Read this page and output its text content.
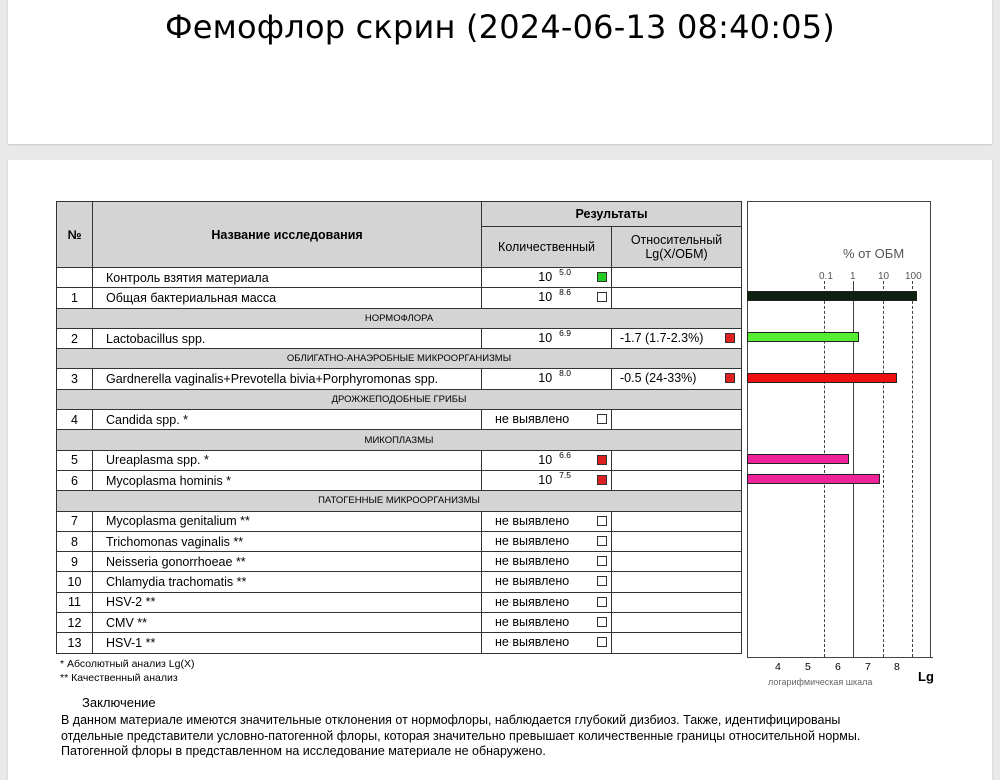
Фемофлор скрин (2024-06-13 08:40:05)
№	Название исследования	Результаты	
		Количественный	Относительный
Lg(X/ОБМ)
	Контроль взятия материала	10 $^{5.0}$

1	Общая бактериальная масса	10 $^{8.6}$

НОРМОФЛОРА			
2	Lactobacillus spp.	10 $^{6.9}$	-1.7 (1.7-2.3%)

ОБЛИГАТНО-АНАЭРОБНЫЕ МИКРООРГАНИЗМЫ			
3	Gardnerella vaginalis+Prevotella bivia+Porphyromonas spp.	10 $^{8.0}$	-0.5 (24-33%)

ДРОЖЖЕПОДОБНЫЕ ГРИБЫ			
4	Candida spp. *	не выявлено	

МИКОПЛАЗМЫ			
5	Ureaplasma spp. *	10 $^{6.6}$

6	Mycoplasma hominis *	10 $^{7.5}$

ПАТОГЕННЫЕ МИКРООРГАНИЗМЫ			
7	Mycoplasma genitalium **	не выявлено	

8	Trichomonas vaginalis **	не выявлено	

9	Neisseria gonorrhoeae **	не выявлено	

10	Chlamydia trachomatis **	не выявлено	

11	HSV-2 **	не выявлено	

12	CMV **	не выявлено	

13	HSV-1 **	не выявлено	

% от ОБМ
0.1 1 10 100
4 5 6 7 8
логарифмическая шкала	Lg
* Абсолютный анализ Lg(X)
** Качественный анализ
Заключение
В данном материале имеются значительные отклонения от нормофлоры, наблюдается глубокий дизбиоз. Также, идентифицированы отдельные представители условно-патогенной флоры, которая значительно превышает количественные границы относительной нормы. Патогенной флоры в представленном на исследование материале не обнаружено.
